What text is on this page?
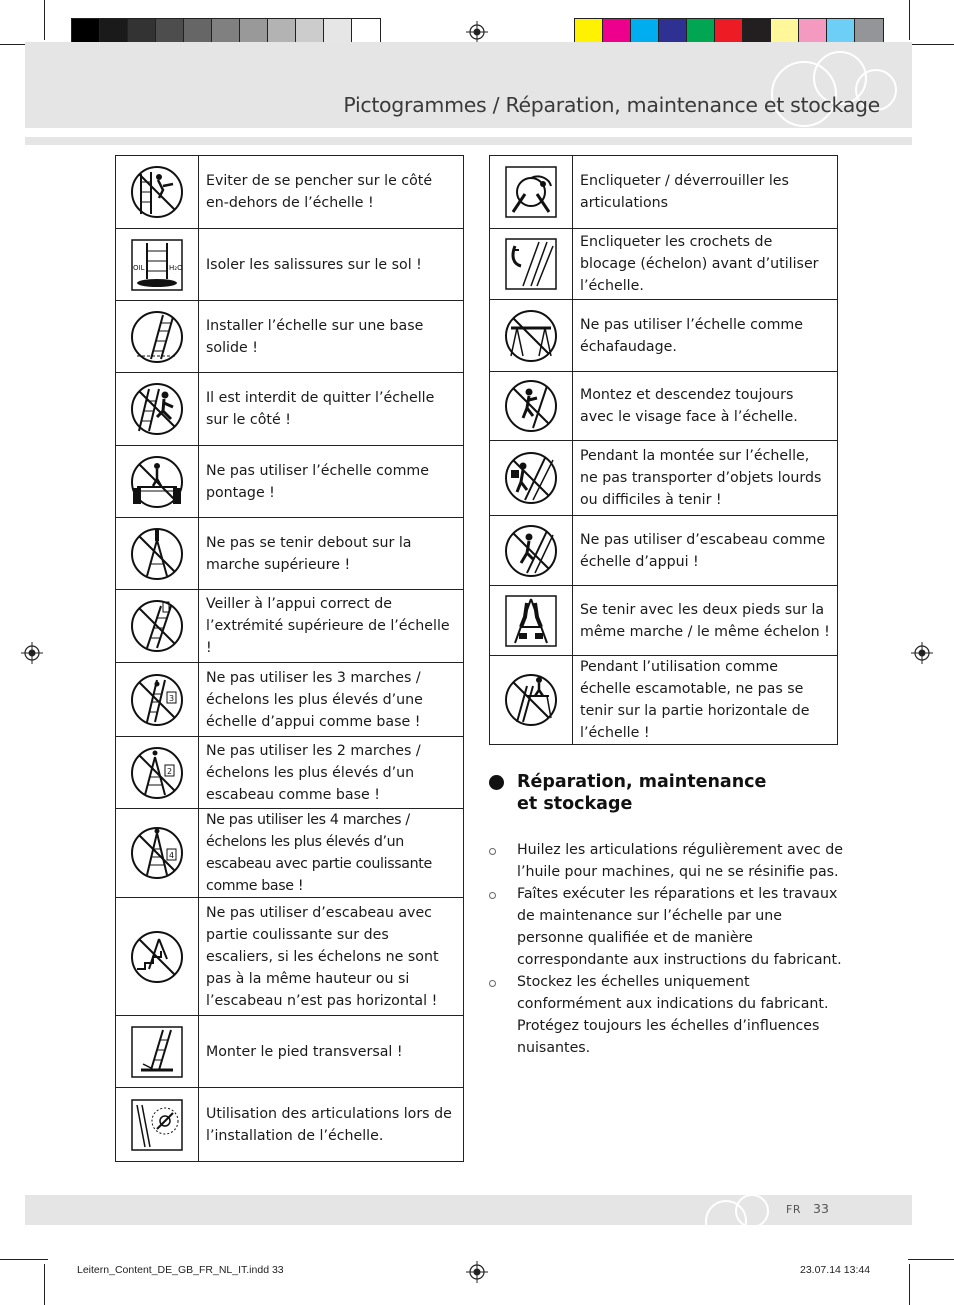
Pictogrammes / Réparation, maintenance et stockage
	Eviter de se pencher sur le côté en-dehors de l’échelle !

OIL H₂O	Isoler les salissures sur le sol !

	Installer l’échelle sur une base solide !

	Il est interdit de quitter l’échelle sur le côté !

	Ne pas utiliser l’échelle comme pontage !

	Ne pas se tenir debout sur la marche supérieure !

	Veiller à l’appui correct de l’extrémité supérieure de l’échelle !

3	Ne pas utiliser les 3 marches / échelons les plus élevés d’une échelle d’appui comme base !

2	Ne pas utiliser les 2 marches / échelons les plus élevés d’un escabeau comme base !

4	Ne pas utiliser les 4 marches / échelons les plus élevés d’un escabeau avec partie coulissante comme base !

	Ne pas utiliser d’escabeau avec partie coulissante sur des escaliers, si les échelons ne sont pas à la même hauteur ou si l’escabeau n’est pas horizontal !

	Monter le pied transversal !

	Utilisation des articulations lors de l’installation de l’échelle.
	Encliqueter / déverrouiller les articulations

	Encliqueter les crochets de blocage (échelon) avant d’utiliser l’échelle.

	Ne pas utiliser l’échelle comme échafaudage.

	Montez et descendez toujours avec le visage face à l’échelle.

	Pendant la montée sur l’échelle, ne pas transporter d’objets lourds ou difficiles à tenir !

	Ne pas utiliser d’escabeau comme échelle d’appui !

	Se tenir avec les deux pieds sur la même marche / le même échelon !

	Pendant l’utilisation comme échelle escamotable, ne pas se tenir sur la partie horizontale de l’échelle !
Réparation, maintenance
et stockage
Huilez les articulations régulièrement avec de l’huile pour machines, qui ne se résinifie pas.
Faîtes exécuter les réparations et les travaux de maintenance sur l’échelle par une personne qualifiée et de manière correspondante aux instructions du fabricant.
Stockez les échelles uniquement conformément aux indications du fabricant. Protégez toujours les échelles d’influences nuisantes.
FR 33
Leitern_Content_DE_GB_FR_NL_IT.indd 33	23.07.14 13:44
